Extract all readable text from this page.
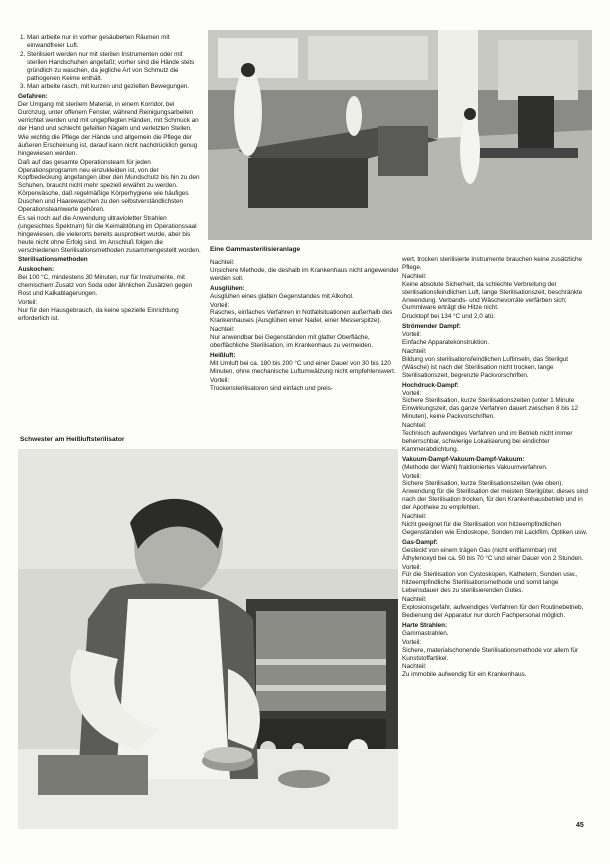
1. Man arbeite nur in vorher gesäuberten Räumen mit einwandfreier Luft.
2. Sterilisiert werden nur mit sterilen Instrumenten oder mit sterilen Handschuhen angefaßt; vorher sind die Hände stets gründlich zu waschen, da jegliche Art von Schmutz die pathogenen Keime enthält.
3. Man arbeite rasch, mit kurzen und gezielten Bewegungen.
Gefahren:

Der Umgang mit sterilem Material, in einem Korridor, bei Durchzug, unter offenem Fenster, während Reinigungsarbeiten verrichtet werden und mit ungepflegten Händen, mit Schmuck an der Hand und schlecht gefeilten Nägeln und verletzten Stellen.

Wie wichtig die Pflege der Hände und allgemein die Pflege der äußeren Erscheinung ist, darauf kann nicht nachdrücklich genug hingewiesen werden.

Daß auf das gesamte Operationsteam für jeden Operationsprogramm neu einzukleiden ist, von der Kopfbedeckung angefangen über den Mundschutz bis hin zu den Schuhen, braucht nicht mehr speziell erwähnt zu werden. Körperwäsche, daß regelmäßige Körperhygiene wie häufiges Duschen und Haarewaschen zu den selbstverständlichsten Operationsteamwerte gehören.

Es sei noch auf die Anwendung ultravioletter Strahlen (ungesichtes Spektrum) für die Keimabtötung im Operationssaal hingewiesen, die vielerorts bereits ausprobiert wurde, aber bis heute nicht ohne Erfolg sind. Im Anschluß folgen die verschiedenen Sterilisationsmethoden zusammengestellt worden.

Sterilisationsmethoden
Auskochen:

Bei 100 °C, mindestens 30 Minuten, nur für Instrumente, mit chemischem Zusatz von Soda oder ähnlichen Zusätzen gegen Rost und Kalkablagerungen.

Vorteil:

Nur für den Hausgebrauch, da keine spezielle Einrichtung erforderlich ist.

Eine Gammasterilisieranlage
Nachteil:

Unsichere Methode, die deshalb im Krankenhaus nicht angewendet werden soll.

Ausglühen:

Ausglühen eines glatten Gegenstandes mit Alkohol.

Vorteil:

Rasches, einfaches Verfahren in Notfallsituationen außerhalb des Krankenhauses (Ausglühen einer Nadel, einer Messerspitze).

Nachteil:

Nur anwendbar bei Gegenständen mit glatter Oberfläche, oberflächliche Sterilisation, im Krankenhaus zu vermeiden.

Heißluft:

Mit Umluft bei ca. 180 bis 200 °C und einer Dauer von 30 bis 120 Minuten, ohne mechanische Luftumwälzung nicht empfehlenswert.

Vorteil:

Trockensterilisatoren sind einfach und preis-

wert, trocken sterilisierte Instrumente brauchen keine zusätzliche Pflege.

Nachteil:

Keine absolute Sicherheit, da schlechte Verbreitung der sterilisationsfeindlichen Luft, lange Sterilisationszeit, beschränkte Anwendung. Verbands- und Wäschevorräte verfärben sich; Gummiware erträgt die Hitze nicht.

Drucktopf bei 134 °C und 2,0 atü:

Strömender Dampf:
Vorteil:

Einfache Apparatekonstruktion.

Nachteil:

Bildung von sterilisationsfeindlichen Luftinseln, das Sterilgut (Wäsche) ist nach der Sterilisation nicht trocken, lange Sterilisationszeit, begrenzte Packvorschriften.

Hochdruck-Dampf:
Vorteil:

Sichere Sterilisation, kurze Sterilisationszeiten (unter 1 Minute Einwirkungszeit, das ganze Verfahren dauert zwischen 8 bis 12 Minuten), keine Packvorschriften.

Nachteil:

Technisch aufwendiges Verfahren und im Betrieb nicht immer beherrschbar, schwierige Lokalisierung bei eindichter Kammerabdichtung.

Vakuum-Dampf-Vakuum-Dampf-Vakuum:

(Methode der Wahl) fraktioniertes Vakuumverfahren.

Vorteil:

Sichere Sterilisation, kurze Sterilisationszeiten (wie oben). Anwendung für die Sterilisation der meisten Sterilgüter, dieses sind nach der Sterilisation trocken, für den Krankenhausbetrieb und in der Apotheke zu empfehlen.

Nachteil:

Nicht geeignet für die Sterilisation von hitzeempfindlichen Gegenständen wie Endoskope, Sonden mit Lackfilm, Optiken usw.

Gas-Dampf:

Gesteckt von einem trägen Gas (nicht entflammbar) mit Äthylenoxyd bei ca. 50 bis 70 °C und einer Dauer von 2 Stunden.

Vorteil:

Für die Sterilisation von Cystoskopen, Kathetern, Sonden usw., hitzeempfindliche Sterilisationsmethode und somit lange Lebensdauer des zu sterilisierenden Gutes.

Nachteil:

Explosionsgefahr, aufwendiges Verfahren für den Routinebetrieb, Bedienung der Apparatur nur durch Fachpersonal möglich.

Harte Strahlen:

Gammastrahlen.

Vorteil:

Sichere, materialschonende Sterilisationsmethode vor allem für Kunststoffartikel.

Nachteil:

Zu immobile aufwendig für ein Krankenhaus.

Schwester am Heißluftsterilisator
45
